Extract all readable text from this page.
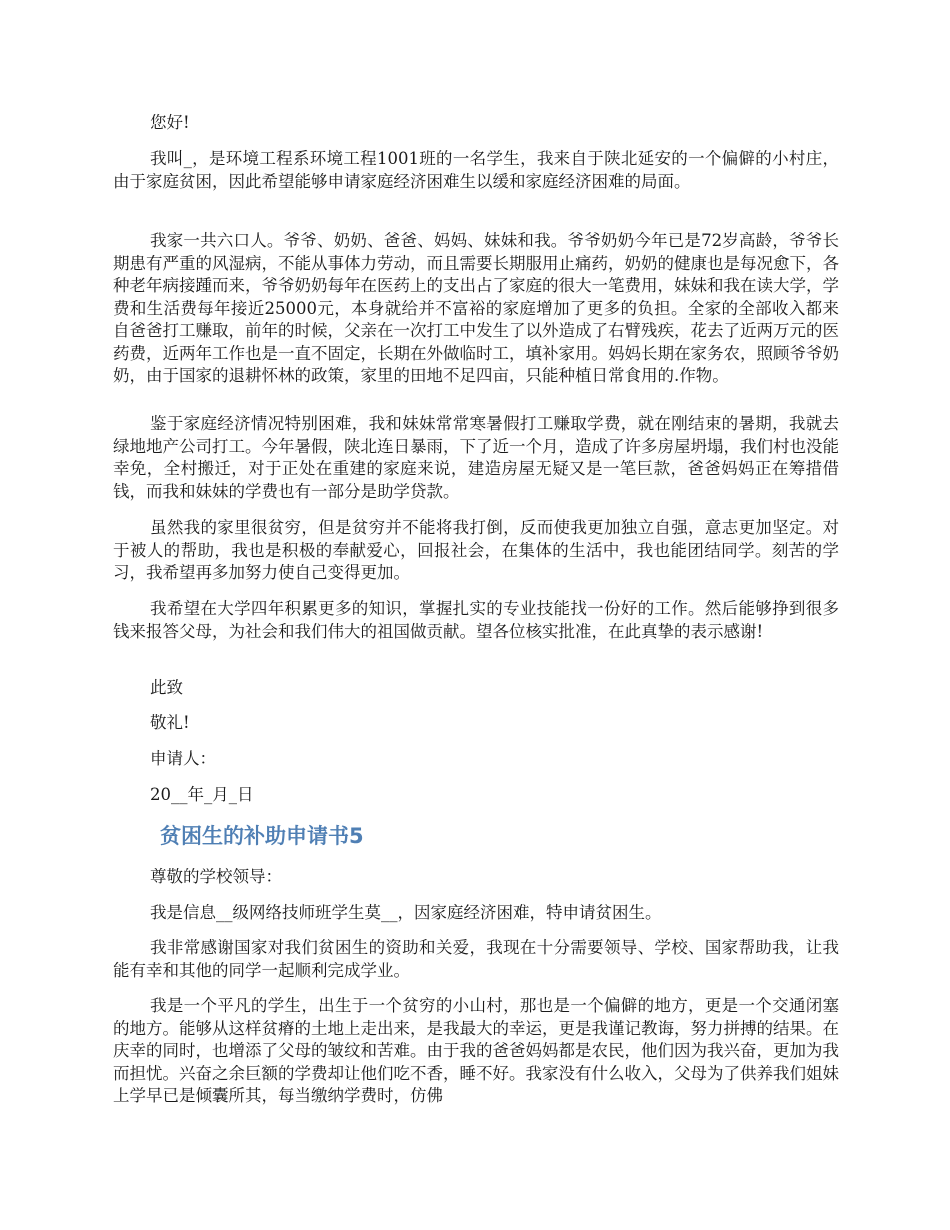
您好!

我叫_，是环境工程系环境工程1001班的一名学生，我来自于陕北延安的一个偏僻的小村庄，由于家庭贫困，因此希望能够申请家庭经济困难生以缓和家庭经济困难的局面。

我家一共六口人。爷爷、奶奶、爸爸、妈妈、妹妹和我。爷爷奶奶今年已是72岁高龄，爷爷长期患有严重的风湿病，不能从事体力劳动，而且需要长期服用止痛药，奶奶的健康也是每况愈下，各种老年病接踵而来，爷爷奶奶每年在医药上的支出占了家庭的很大一笔费用，妹妹和我在读大学，学费和生活费每年接近25000元，本身就给并不富裕的家庭增加了更多的负担。全家的全部收入都来自爸爸打工赚取，前年的时候，父亲在一次打工中发生了以外造成了右臂残疾，花去了近两万元的医药费，近两年工作也是一直不固定，长期在外做临时工，填补家用。妈妈长期在家务农，照顾爷爷奶奶，由于国家的退耕怀林的政策，家里的田地不足四亩，只能种植日常食用的.作物。

鉴于家庭经济情况特别困难，我和妹妹常常寒暑假打工赚取学费，就在刚结束的暑期，我就去绿地地产公司打工。今年暑假，陕北连日暴雨，下了近一个月，造成了许多房屋坍塌，我们村也没能幸免，全村搬迁，对于正处在重建的家庭来说，建造房屋无疑又是一笔巨款，爸爸妈妈正在筹措借钱，而我和妹妹的学费也有一部分是助学贷款。

虽然我的家里很贫穷，但是贫穷并不能将我打倒，反而使我更加独立自强，意志更加坚定。对于被人的帮助，我也是积极的奉献爱心，回报社会，在集体的生活中，我也能团结同学。刻苦的学习，我希望再多加努力使自己变得更加。

我希望在大学四年积累更多的知识，掌握扎实的专业技能找一份好的工作。然后能够挣到很多钱来报答父母，为社会和我们伟大的祖国做贡献。望各位核实批准，在此真挚的表示感谢!

此致

敬礼!

申请人：

20__年_月_日

贫困生的补助申请书5

尊敬的学校领导：

我是信息__级网络技师班学生莫__，因家庭经济困难，特申请贫困生。

我非常感谢国家对我们贫困生的资助和关爱，我现在十分需要领导、学校、国家帮助我，让我能有幸和其他的同学一起顺利完成学业。

我是一个平凡的学生，出生于一个贫穷的小山村，那也是一个偏僻的地方，更是一个交通闭塞的地方。能够从这样贫瘠的土地上走出来，是我最大的幸运，更是我谨记教诲，努力拼搏的结果。在庆幸的同时，也增添了父母的皱纹和苦难。由于我的爸爸妈妈都是农民，他们因为我兴奋，更加为我而担忧。兴奋之余巨额的学费却让他们吃不香，睡不好。我家没有什么收入，父母为了供养我们姐妹上学早已是倾囊所其，每当缴纳学费时，仿佛
